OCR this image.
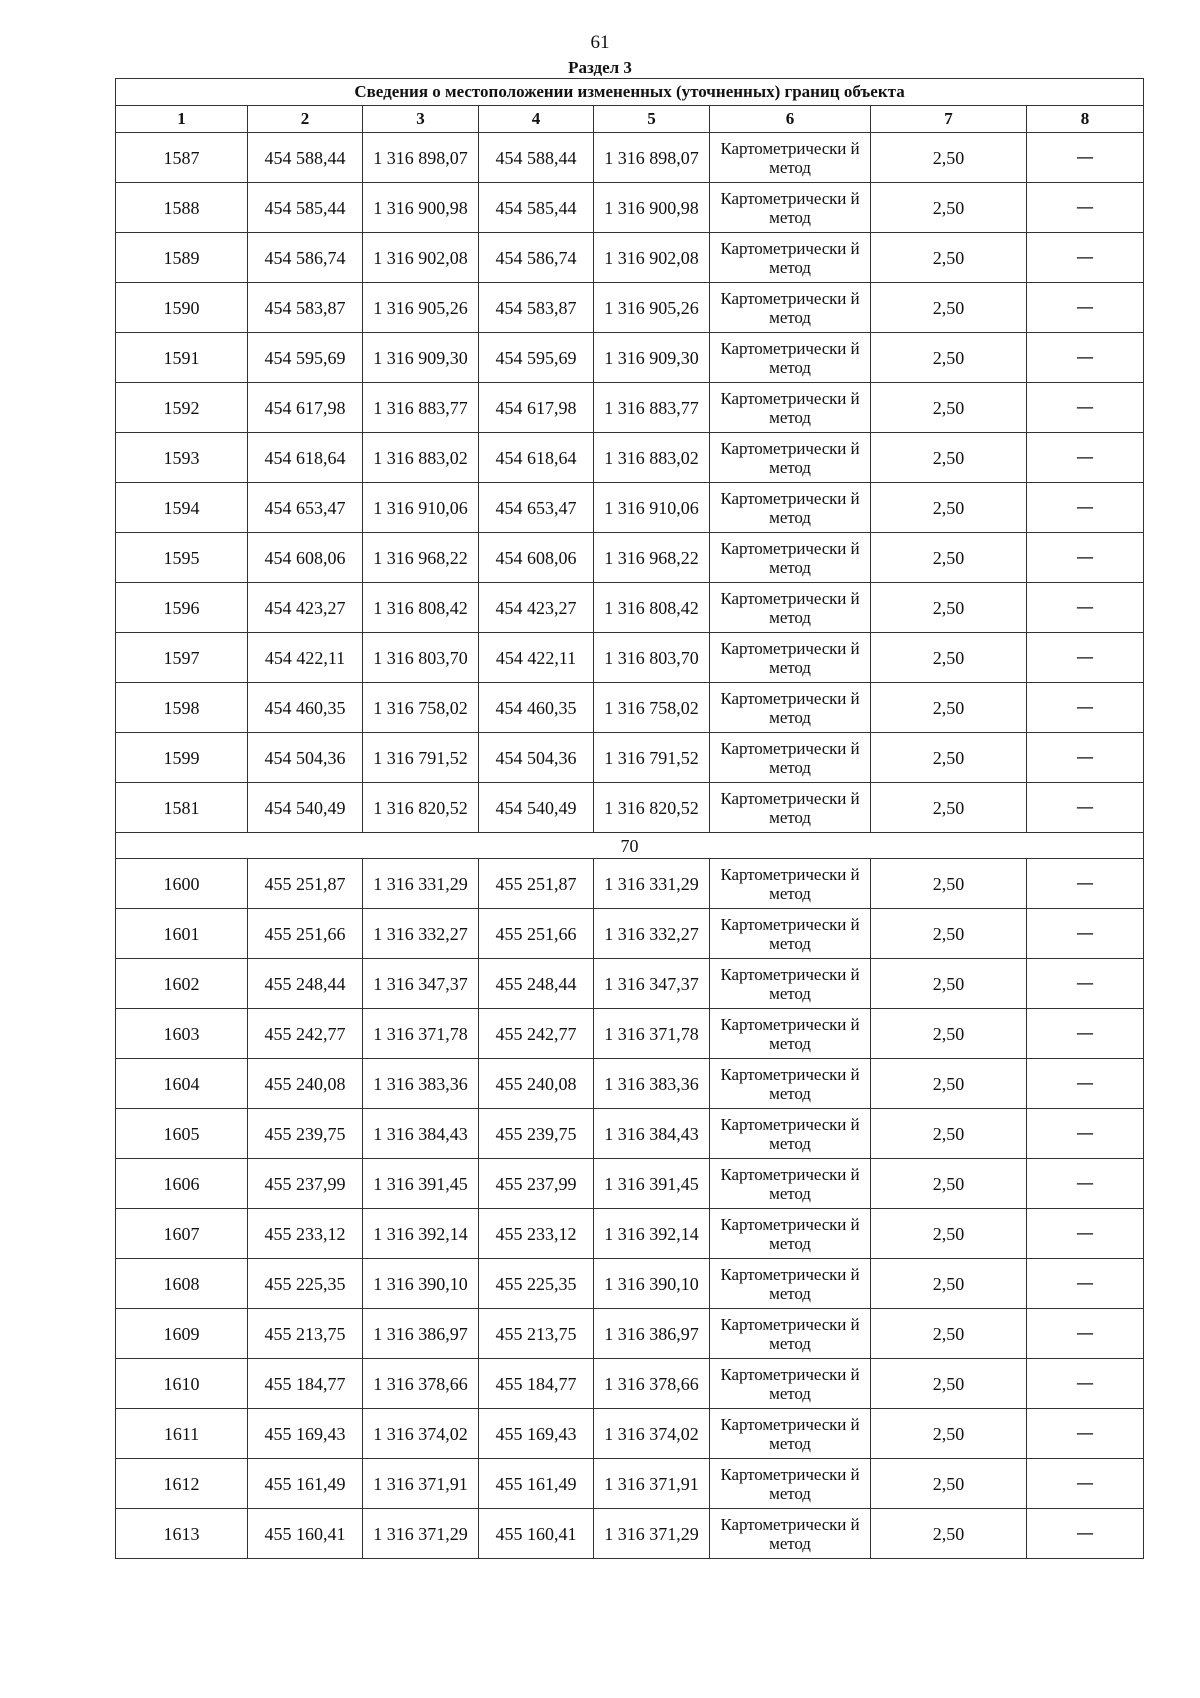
61
Раздел 3
Сведения о местоположении измененных (уточненных) границ объекта							
1	2	3	4	5	6	7	8
1587	454 588,44	1 316 898,07	454 588,44	1 316 898,07	Картометрически й метод	2,50	—
1588	454 585,44	1 316 900,98	454 585,44	1 316 900,98	Картометрически й метод	2,50	—
1589	454 586,74	1 316 902,08	454 586,74	1 316 902,08	Картометрически й метод	2,50	—
1590	454 583,87	1 316 905,26	454 583,87	1 316 905,26	Картометрически й метод	2,50	—
1591	454 595,69	1 316 909,30	454 595,69	1 316 909,30	Картометрически й метод	2,50	—
1592	454 617,98	1 316 883,77	454 617,98	1 316 883,77	Картометрически й метод	2,50	—
1593	454 618,64	1 316 883,02	454 618,64	1 316 883,02	Картометрически й метод	2,50	—
1594	454 653,47	1 316 910,06	454 653,47	1 316 910,06	Картометрически й метод	2,50	—
1595	454 608,06	1 316 968,22	454 608,06	1 316 968,22	Картометрически й метод	2,50	—
1596	454 423,27	1 316 808,42	454 423,27	1 316 808,42	Картометрически й метод	2,50	—
1597	454 422,11	1 316 803,70	454 422,11	1 316 803,70	Картометрически й метод	2,50	—
1598	454 460,35	1 316 758,02	454 460,35	1 316 758,02	Картометрически й метод	2,50	—
1599	454 504,36	1 316 791,52	454 504,36	1 316 791,52	Картометрически й метод	2,50	—
1581	454 540,49	1 316 820,52	454 540,49	1 316 820,52	Картометрически й метод	2,50	—
70							
1600	455 251,87	1 316 331,29	455 251,87	1 316 331,29	Картометрически й метод	2,50	—
1601	455 251,66	1 316 332,27	455 251,66	1 316 332,27	Картометрически й метод	2,50	—
1602	455 248,44	1 316 347,37	455 248,44	1 316 347,37	Картометрически й метод	2,50	—
1603	455 242,77	1 316 371,78	455 242,77	1 316 371,78	Картометрически й метод	2,50	—
1604	455 240,08	1 316 383,36	455 240,08	1 316 383,36	Картометрически й метод	2,50	—
1605	455 239,75	1 316 384,43	455 239,75	1 316 384,43	Картометрически й метод	2,50	—
1606	455 237,99	1 316 391,45	455 237,99	1 316 391,45	Картометрически й метод	2,50	—
1607	455 233,12	1 316 392,14	455 233,12	1 316 392,14	Картометрически й метод	2,50	—
1608	455 225,35	1 316 390,10	455 225,35	1 316 390,10	Картометрически й метод	2,50	—
1609	455 213,75	1 316 386,97	455 213,75	1 316 386,97	Картометрически й метод	2,50	—
1610	455 184,77	1 316 378,66	455 184,77	1 316 378,66	Картометрически й метод	2,50	—
1611	455 169,43	1 316 374,02	455 169,43	1 316 374,02	Картометрически й метод	2,50	—
1612	455 161,49	1 316 371,91	455 161,49	1 316 371,91	Картометрически й метод	2,50	—
1613	455 160,41	1 316 371,29	455 160,41	1 316 371,29	Картометрически й метод	2,50	—
